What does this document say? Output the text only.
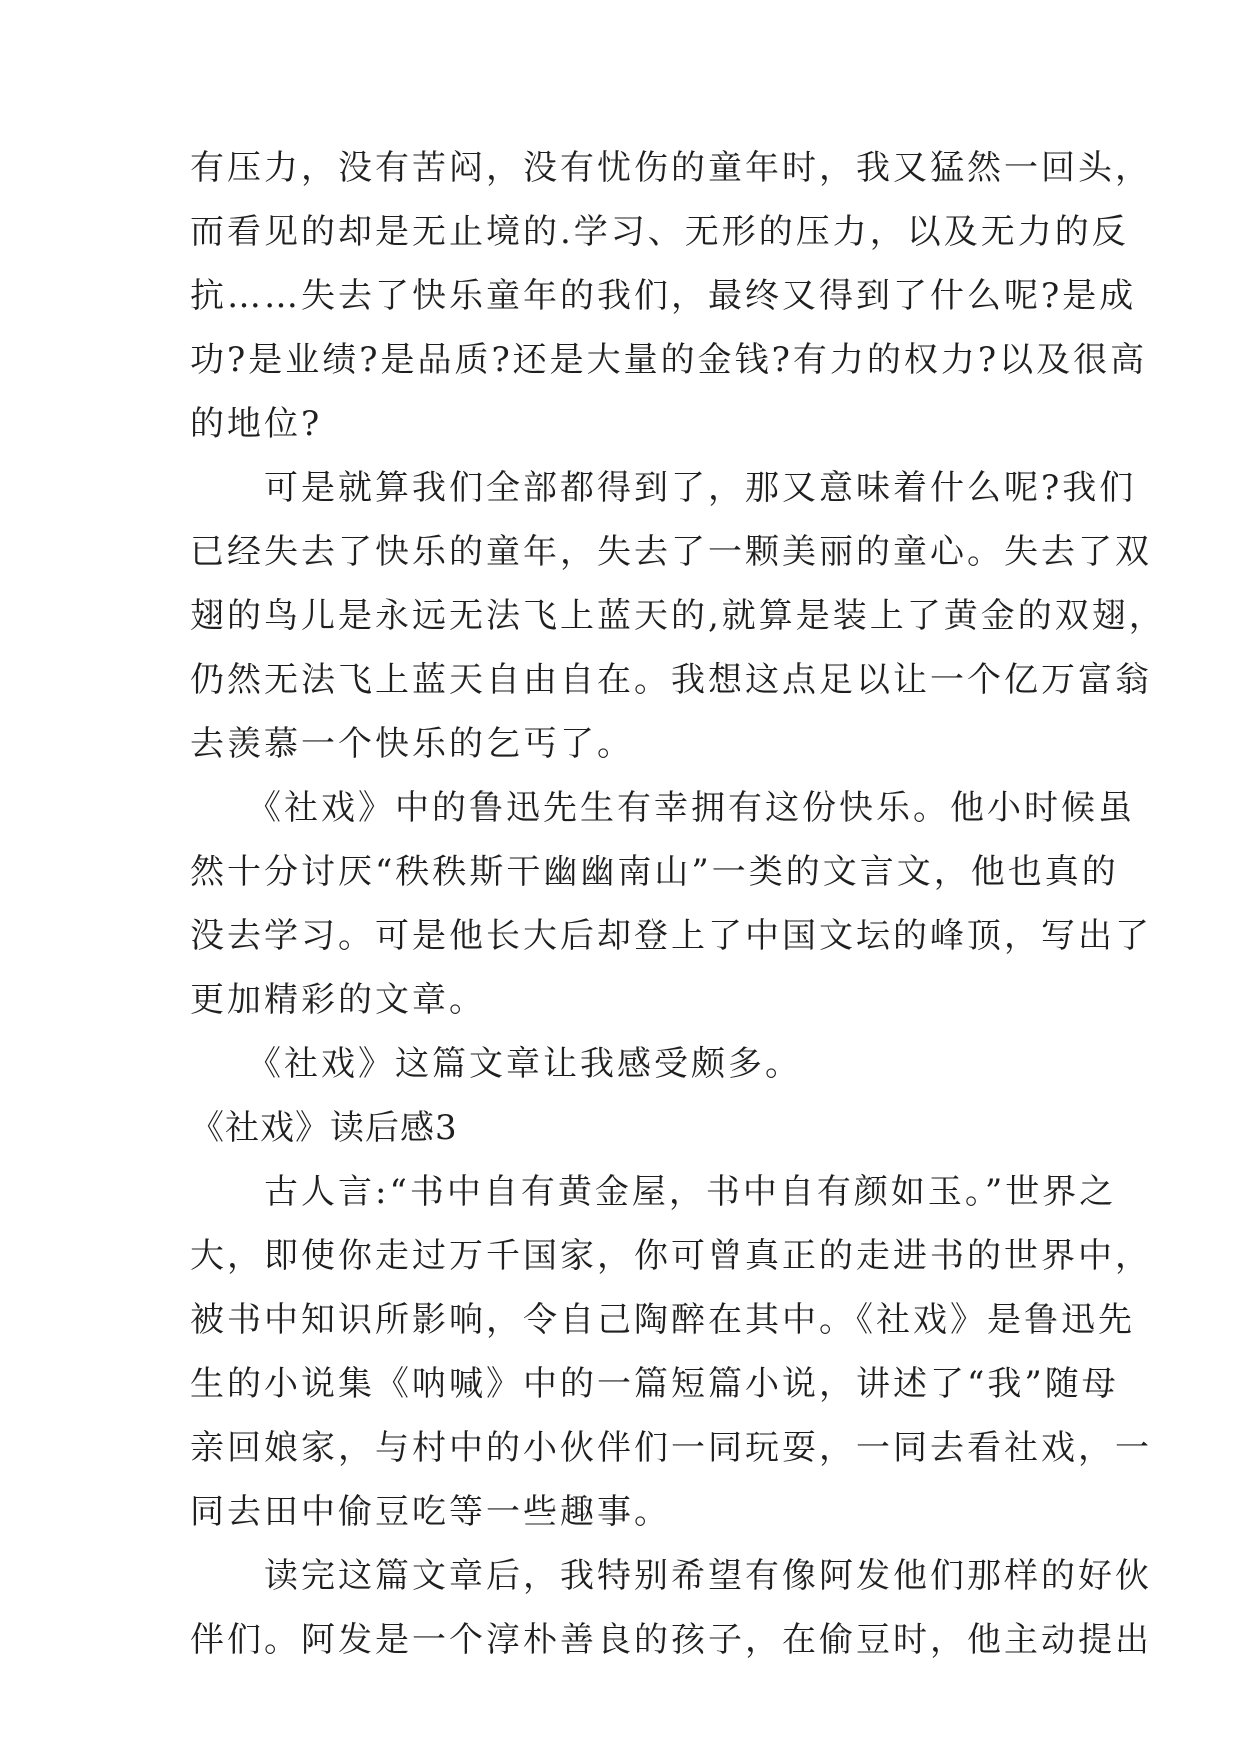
有压力，没有苦闷，没有忧伤的童年时，我又猛然一回头，
而看见的却是无止境的.学习、无形的压力，以及无力的反
抗……失去了快乐童年的我们，最终又得到了什么呢?是成
功?是业绩?是品质?还是大量的金钱?有力的权力?以及很高
的地位?
　　可是就算我们全部都得到了，那又意味着什么呢?我们
已经失去了快乐的童年，失去了一颗美丽的童心。失去了双
翅的鸟儿是永远无法飞上蓝天的,就算是装上了黄金的双翅，
仍然无法飞上蓝天自由自在。我想这点足以让一个亿万富翁
去羡慕一个快乐的乞丐了。
　　《社戏》中的鲁迅先生有幸拥有这份快乐。他小时候虽
然十分讨厌“秩秩斯干幽幽南山”一类的文言文，他也真的
没去学习。可是他长大后却登上了中国文坛的峰顶，写出了
更加精彩的文章。
　　《社戏》这篇文章让我感受颇多。
《社戏》读后感3
　　古人言:“书中自有黄金屋，书中自有颜如玉。”世界之
大，即使你走过万千国家，你可曾真正的走进书的世界中，
被书中知识所影响，令自己陶醉在其中。《社戏》是鲁迅先
生的小说集《呐喊》中的一篇短篇小说，讲述了“我”随母
亲回娘家，与村中的小伙伴们一同玩耍，一同去看社戏，一
同去田中偷豆吃等一些趣事。
　　读完这篇文章后，我特别希望有像阿发他们那样的好伙
伴们。阿发是一个淳朴善良的孩子，在偷豆时，他主动提出
